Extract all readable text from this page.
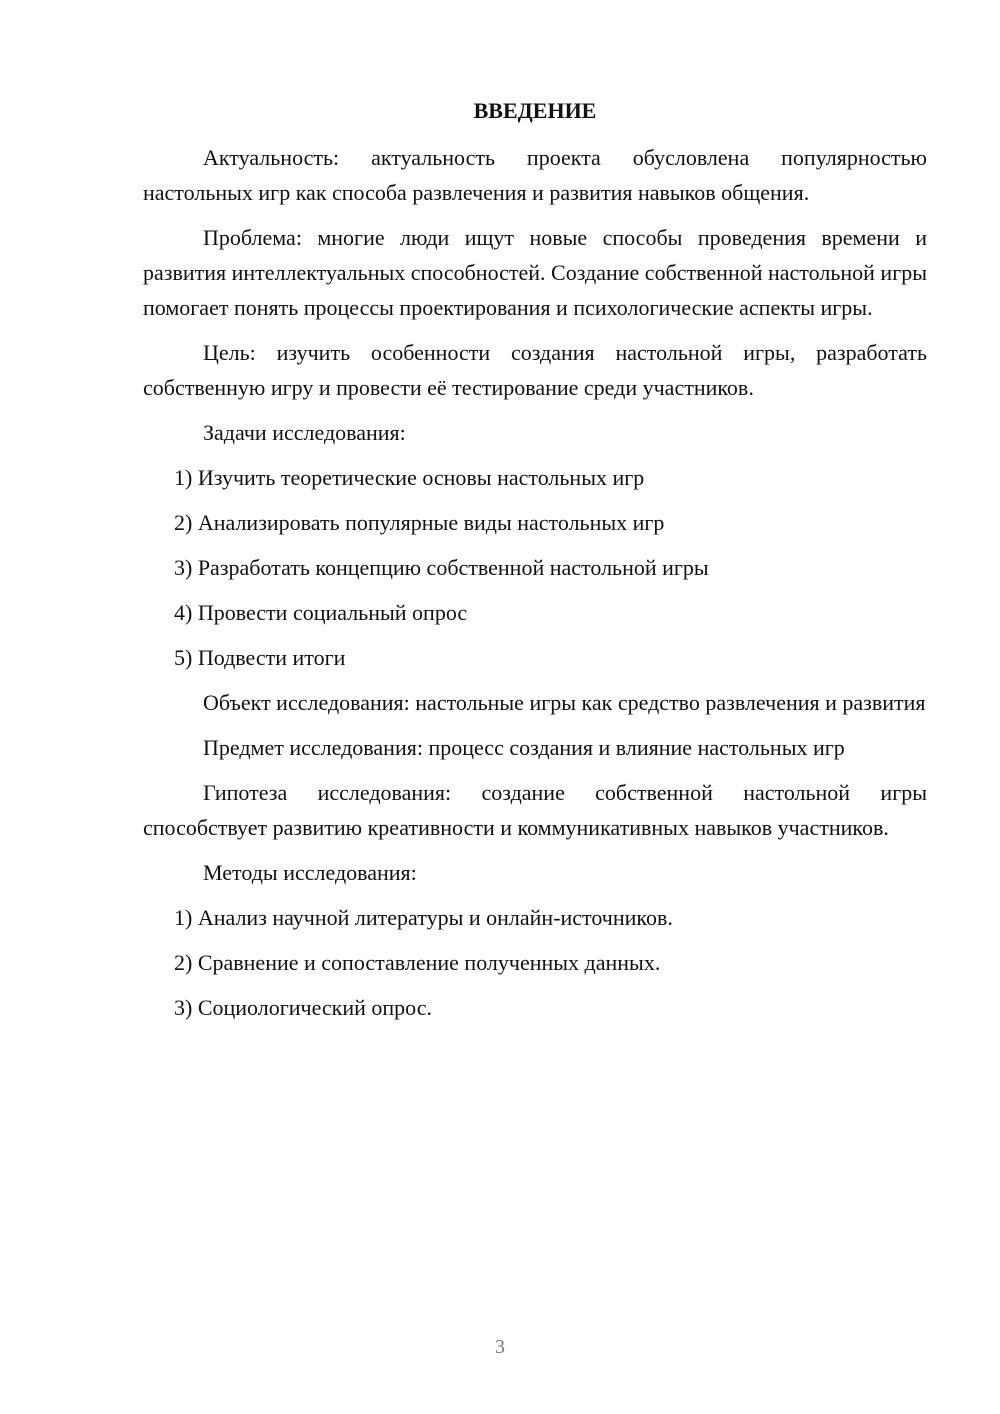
ВВЕДЕНИЕ

Актуальность: актуальность проекта обусловлена популярностью настольных игр как способа развлечения и развития навыков общения.

Проблема: многие люди ищут новые способы проведения времени и развития интеллектуальных способностей. Создание собственной настольной игры помогает понять процессы проектирования и психологические аспекты игры.

Цель: изучить особенности создания настольной игры, разработать собственную игру и провести её тестирование среди участников.

Задачи исследования:

1) Изучить теоретические основы настольных игр
2) Анализировать популярные виды настольных игр
3) Разработать концепцию собственной настольной игры
4) Провести социальный опрос
5) Подвести итоги

Объект исследования: настольные игры как средство развлечения и развития

Предмет исследования: процесс создания и влияние настольных игр

Гипотеза исследования: создание собственной настольной игры способствует развитию креативности и коммуникативных навыков участников.

Методы исследования:

1) Анализ научной литературы и онлайн-источников.
2) Сравнение и сопоставление полученных данных.
3) Социологический опрос.
3
